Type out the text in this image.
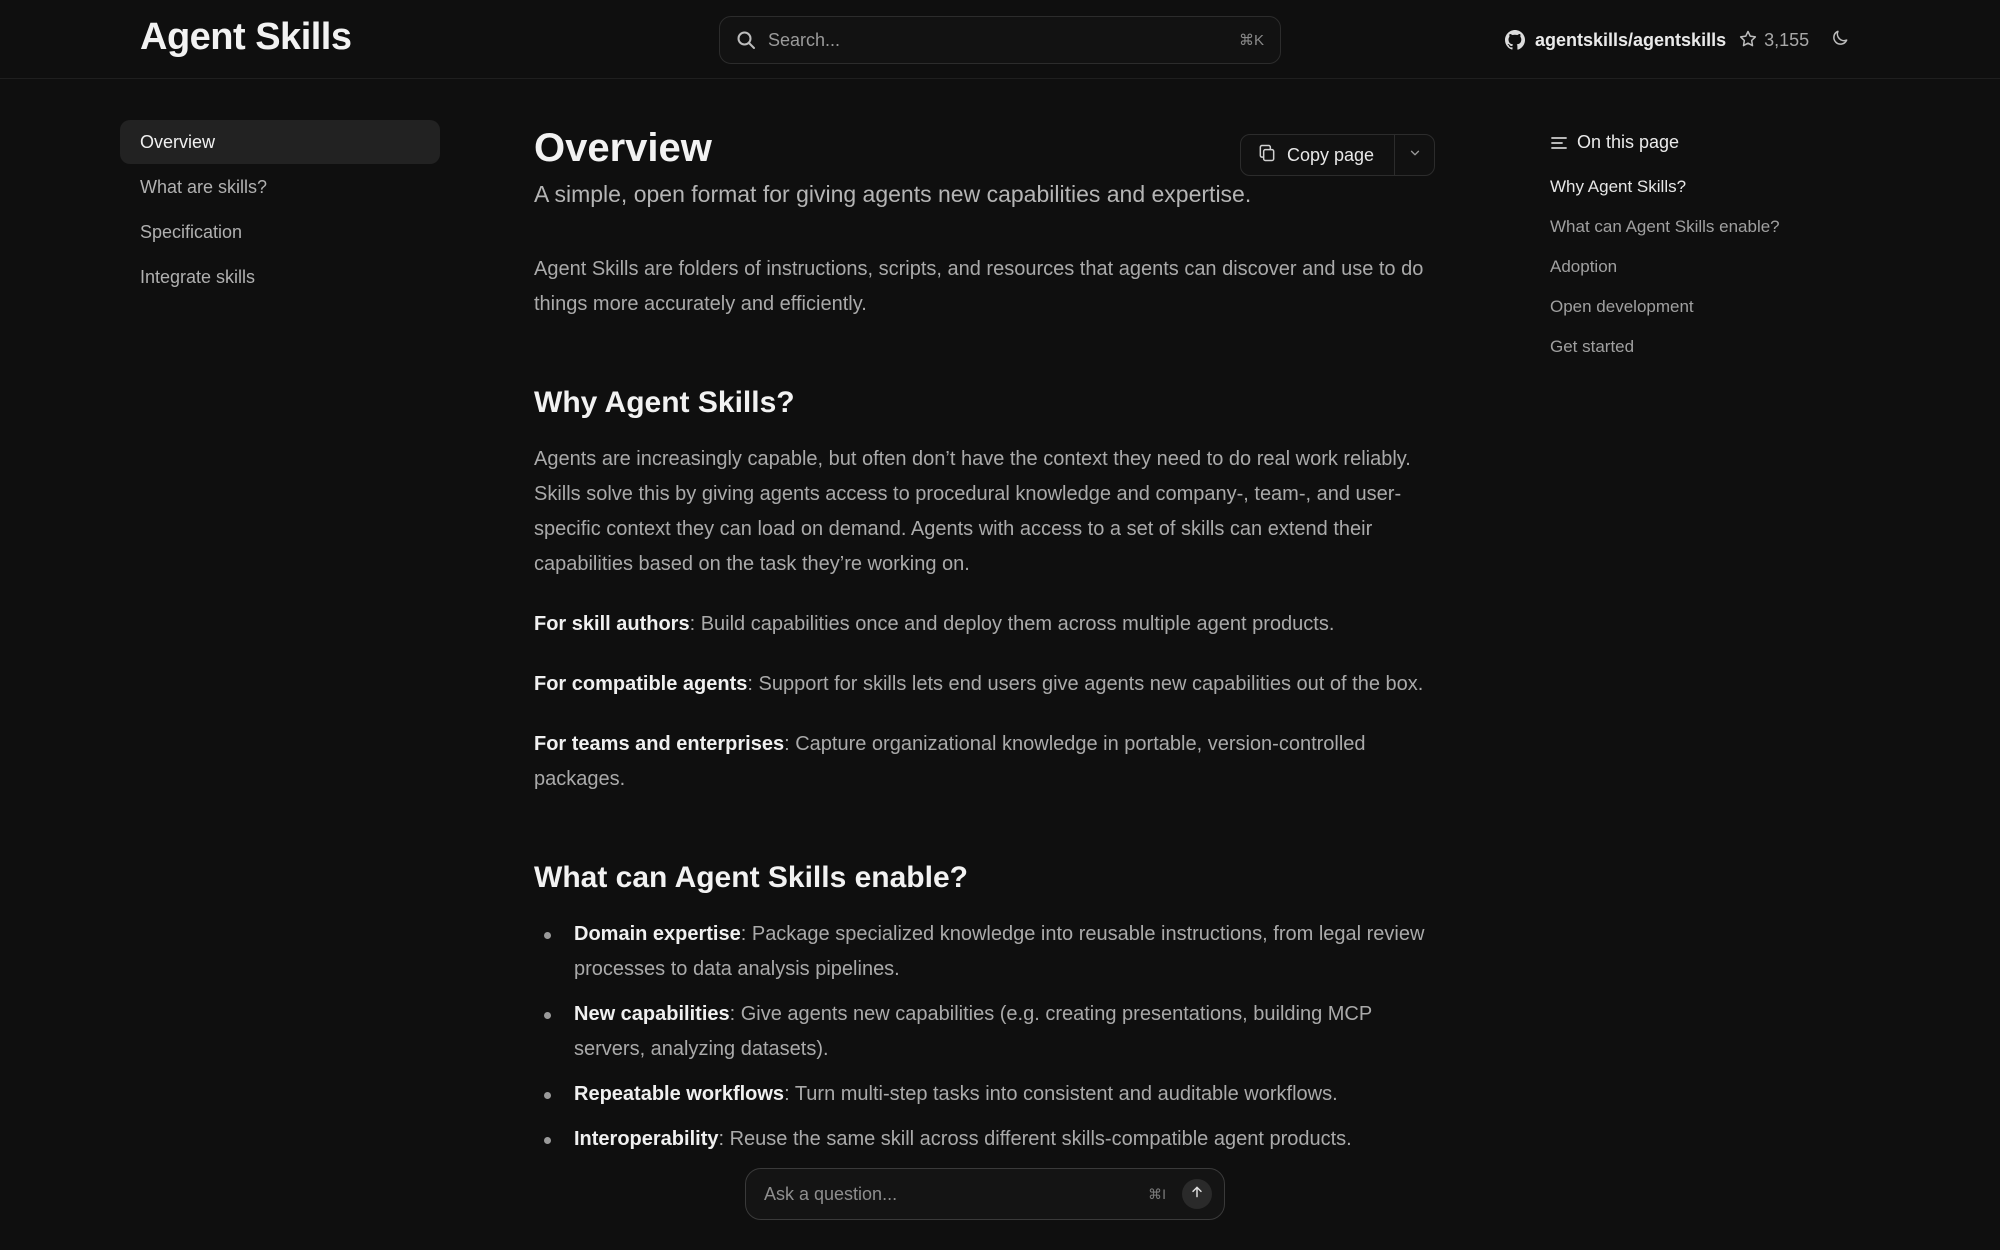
Agent Skills	Search...	⌘K	agentskills/agentskills 3,155
Overview
What are skills?
Specification
Integrate skills
Copy page
Overview

A simple, open format for giving agents new capabilities and expertise.

Agent Skills are folders of instructions, scripts, and resources that agents can discover and use to do things more accurately and efficiently.

Why Agent Skills?

Agents are increasingly capable, but often don’t have the context they need to do real work reliably. Skills solve this by giving agents access to procedural knowledge and company-, team-, and user-specific context they can load on demand. Agents with access to a set of skills can extend their capabilities based on the task they’re working on.

For skill authors: Build capabilities once and deploy them across multiple agent products.

For compatible agents: Support for skills lets end users give agents new capabilities out of the box.

For teams and enterprises: Capture organizational knowledge in portable, version-controlled packages.

What can Agent Skills enable?
Domain expertise: Package specialized knowledge into reusable instructions, from legal review processes to data analysis pipelines.
New capabilities: Give agents new capabilities (e.g. creating presentations, building MCP servers, analyzing datasets).
Repeatable workflows: Turn multi-step tasks into consistent and auditable workflows.
Interoperability: Reuse the same skill across different skills-compatible agent products.
On this page
Why Agent Skills?
What can Agent Skills enable?
Adoption
Open development
Get started
Ask a question...	⌘I
